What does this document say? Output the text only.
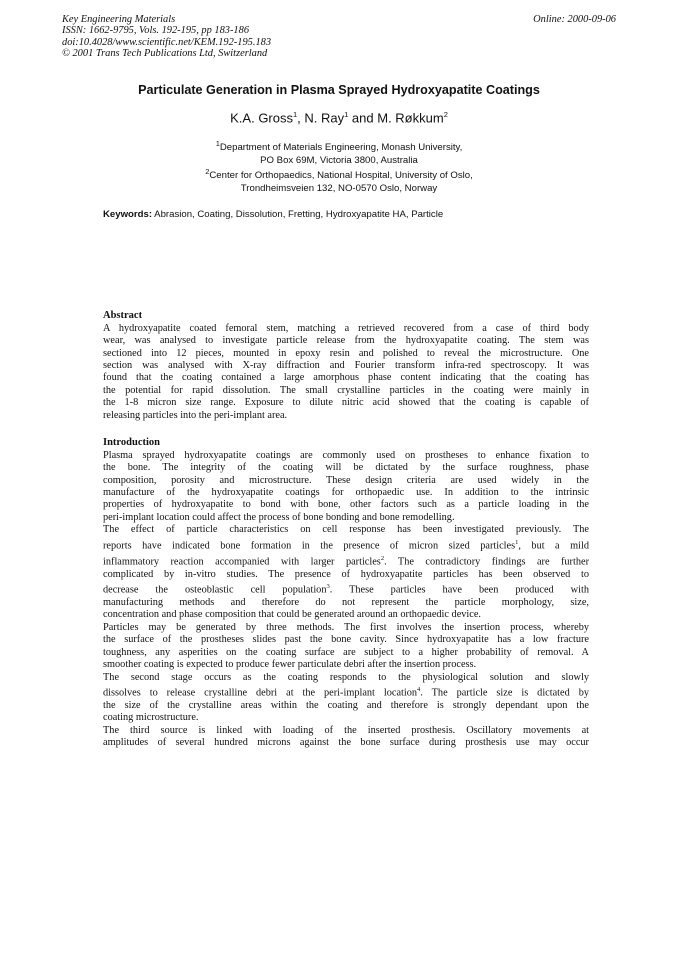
Key Engineering Materials
ISSN: 1662-9795, Vols. 192-195, pp 183-186
doi:10.4028/www.scientific.net/KEM.192-195.183
© 2001 Trans Tech Publications Ltd, Switzerland
Online: 2000-09-06
Particulate Generation in Plasma Sprayed Hydroxyapatite Coatings
K.A. Gross$^1$, N. Ray$^1$ and M. Røkkum$^2$
$^1$Department of Materials Engineering, Monash University,
PO Box 69M, Victoria 3800, Australia
$^2$Center for Orthopaedics, National Hospital, University of Oslo,
Trondheimsveien 132, NO-0570 Oslo, Norway
Keywords: Abrasion, Coating, Dissolution, Fretting, Hydroxyapatite HA, Particle
Abstract
A hydroxyapatite coated femoral stem, matching a retrieved recovered from a case of third body
wear, was analysed to investigate particle release from the hydroxyapatite coating. The stem was
sectioned into 12 pieces, mounted in epoxy resin and polished to reveal the microstructure. One
section was analysed with X-ray diffraction and Fourier transform infra-red spectroscopy. It was
found that the coating contained a large amorphous phase content indicating that the coating has
the potential for rapid dissolution. The small crystalline particles in the coating were mainly in
the 1-8 micron size range. Exposure to dilute nitric acid showed that the coating is capable of
releasing particles into the peri-implant area.
Introduction
Plasma sprayed hydroxyapatite coatings are commonly used on prostheses to enhance fixation to
the bone. The integrity of the coating will be dictated by the surface roughness, phase
composition, porosity and microstructure. These design criteria are used widely in the
manufacture of the hydroxyapatite coatings for orthopaedic use. In addition to the intrinsic
properties of hydroxyapatite to bond with bone, other factors such as a particle loading in the
peri-implant location could affect the process of bone bonding and bone remodelling.
The effect of particle characteristics on cell response has been investigated previously. The
reports have indicated bone formation in the presence of micron sized particles$^1$, but a mild
inflammatory reaction accompanied with larger particles$^2$. The contradictory findings are further
complicated by in-vitro studies. The presence of hydroxyapatite particles has been observed to
decrease the osteoblastic cell population$^3$. These particles have been produced with
manufacturing methods and therefore do not represent the particle morphology, size,
concentration and phase composition that could be generated around an orthopaedic device.
Particles may be generated by three methods. The first involves the insertion process, whereby
the surface of the prostheses slides past the bone cavity. Since hydroxyapatite has a low fracture
toughness, any asperities on the coating surface are subject to a higher probability of removal. A
smoother coating is expected to produce fewer particulate debri after the insertion process.
The second stage occurs as the coating responds to the physiological solution and slowly
dissolves to release crystalline debri at the peri-implant location$^4$. The particle size is dictated by
the size of the crystalline areas within the coating and therefore is strongly dependant upon the
coating microstructure.
The third source is linked with loading of the inserted prosthesis. Oscillatory movements at
amplitudes of several hundred microns against the bone surface during prosthesis use may occur
